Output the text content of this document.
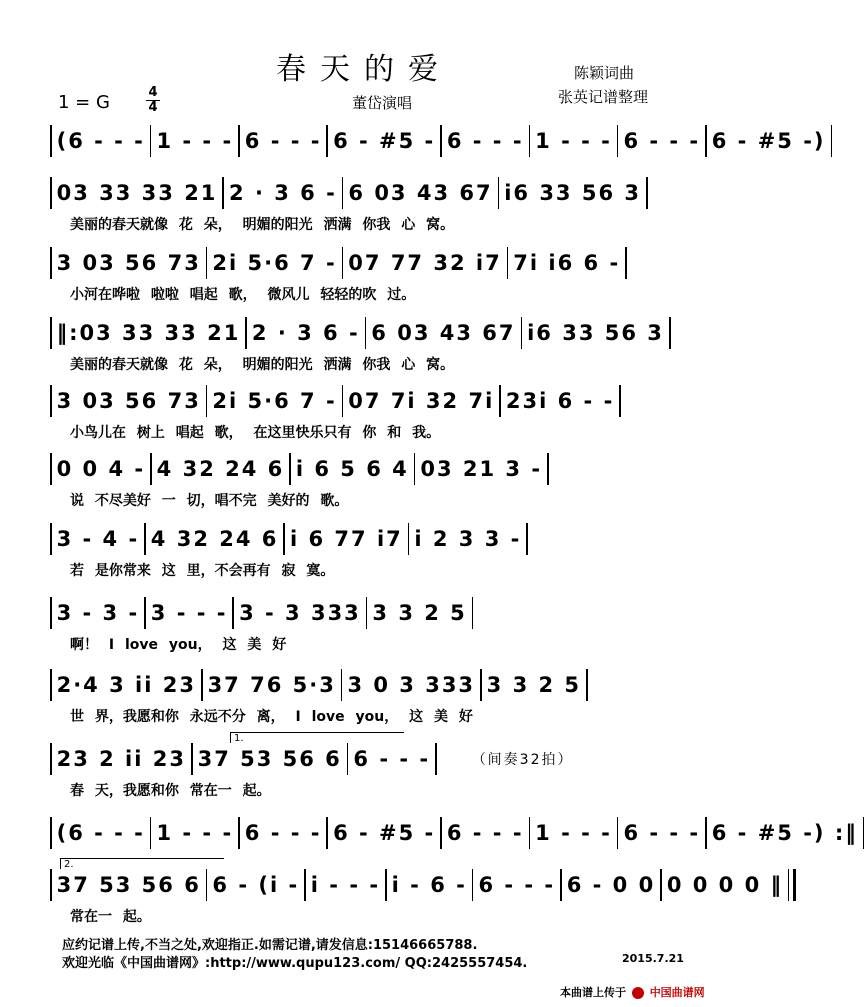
春天的爱
董岱演唱
陈颖词曲
张英记谱整理
1 = G	4
4
(6 - - - 1 - - - 6 - - - 6 - #5 - 6 - - - 1 - - - 6 - - - 6 - #5 -)
03 33 33 21 2 · 3 6 - 6 03 43 67 i6 33 56 3
美丽的春天就像 花 朵， 明媚的阳光 洒满 你我 心 窝。
3 03 56 73 2i 5·6 7 - 07 77 32 i7 7i i6 6 -
小河在哗啦 啦啦 唱起 歌， 微风儿 轻轻的吹 过。
‖:03 33 33 21 2 · 3 6 - 6 03 43 67 i6 33 56 3
美丽的春天就像 花 朵， 明媚的阳光 洒满 你我 心 窝。
3 03 56 73 2i 5·6 7 - 07 7i 32 7i 23i 6 - -
小鸟儿在 树上 唱起 歌， 在这里快乐只有 你 和 我。
0 0 4 - 4 32 24 6 i 6 5 6 4 03 21 3 -
说 不尽美好 一 切，唱不完 美好的 歌。
3 - 4 - 4 32 24 6 i 6 77 i7 i 2 3 3 -
若 是你常来 这 里，不会再有 寂 寞。
3 - 3 - 3 - - - 3 - 3 333 3 3 2 5
啊！ I love you， 这 美 好
2·4 3 ii 23 37 76 5·3 3 0 3 333 3 3 2 5
世 界，我愿和你 永远不分 离， I love you， 这 美 好
23 2 ii 23 37 53 56 6 6 - - -	（间奏32拍）
1.
春 天，我愿和你 常在一 起。
(6 - - - 1 - - - 6 - - - 6 - #5 - 6 - - - 1 - - - 6 - - - 6 - #5 -) :‖
37 53 56 6 6 - (i - i - - - i - 6 - 6 - - - 6 - 0 0 0 0 0 0 ‖
2.
常在一 起。
应约记谱上传,不当之处,欢迎指正.如需记谱,请发信息:15146665788.
欢迎光临《中国曲谱网》:http://www.qupu123.com/ QQ:2425557454.	2015.7.21
本曲谱上传于 中国曲谱网
